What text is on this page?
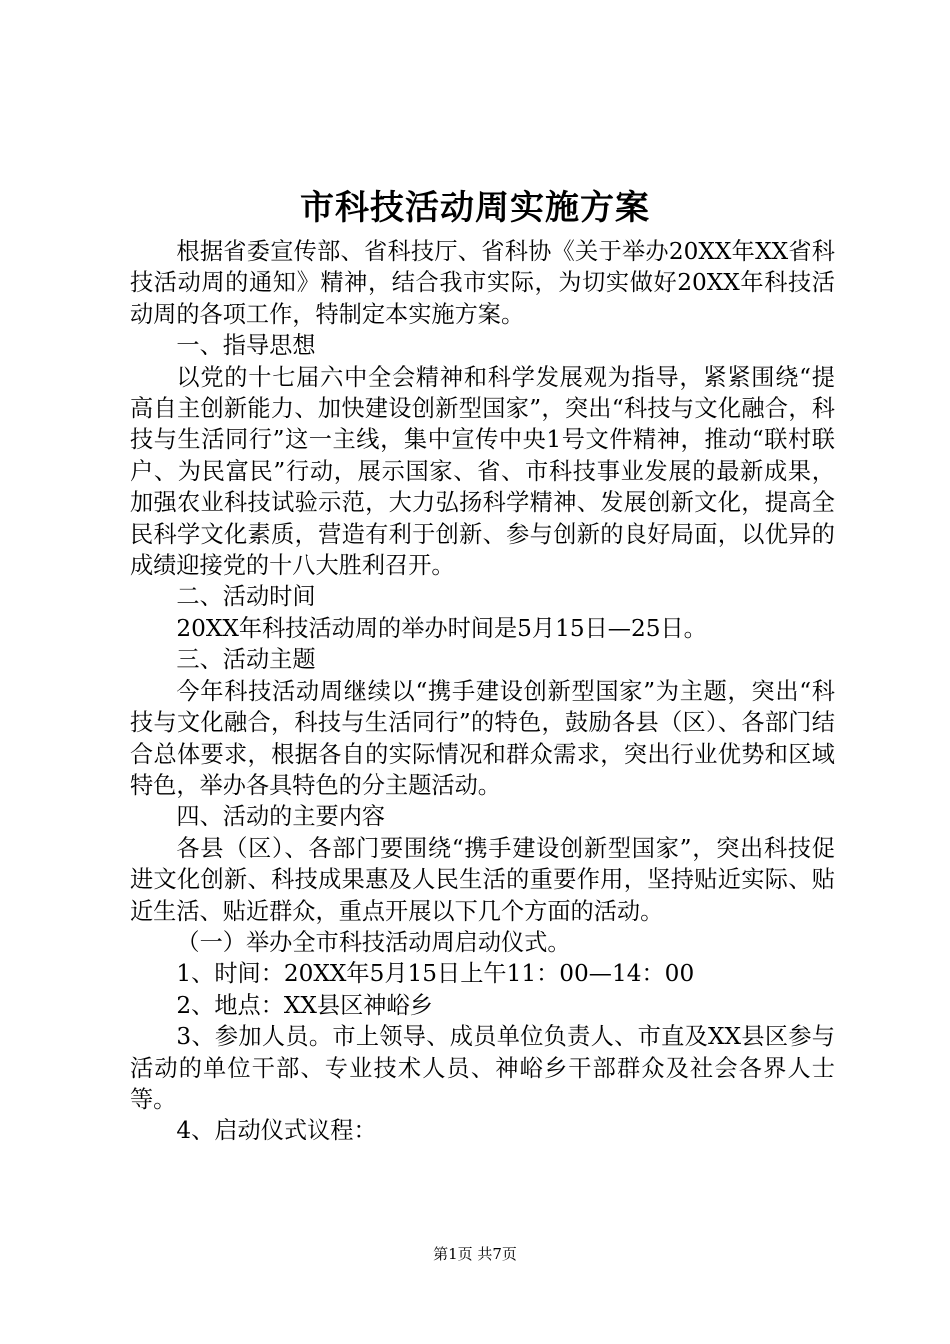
市科技活动周实施方案

根据省委宣传部、省科技厅、省科协《关于举办20XX年XX省科技活动周的通知》精神，结合我市实际，为切实做好20XX年科技活动周的各项工作，特制定本实施方案。

一、指导思想

以党的十七届六中全会精神和科学发展观为指导，紧紧围绕“提高自主创新能力、加快建设创新型国家”，突出“科技与文化融合，科技与生活同行”这一主线，集中宣传中央1号文件精神，推动“联村联户、为民富民”行动，展示国家、省、市科技事业发展的最新成果，加强农业科技试验示范，大力弘扬科学精神、发展创新文化，提高全民科学文化素质，营造有利于创新、参与创新的良好局面，以优异的成绩迎接党的十八大胜利召开。

二、活动时间

20XX年科技活动周的举办时间是5月15日—25日。

三、活动主题

今年科技活动周继续以“携手建设创新型国家”为主题，突出“科技与文化融合，科技与生活同行”的特色，鼓励各县（区）、各部门结合总体要求，根据各自的实际情况和群众需求，突出行业优势和区域特色，举办各具特色的分主题活动。

四、活动的主要内容

各县（区）、各部门要围绕“携手建设创新型国家”，突出科技促进文化创新、科技成果惠及人民生活的重要作用，坚持贴近实际、贴近生活、贴近群众，重点开展以下几个方面的活动。

（一）举办全市科技活动周启动仪式。

1、时间：20XX年5月15日上午11：00—14：00

2、地点：XX县区神峪乡

3、参加人员。市上领导、成员单位负责人、市直及XX县区参与活动的单位干部、专业技术人员、神峪乡干部群众及社会各界人士等。

4、启动仪式议程：

第1页 共7页
